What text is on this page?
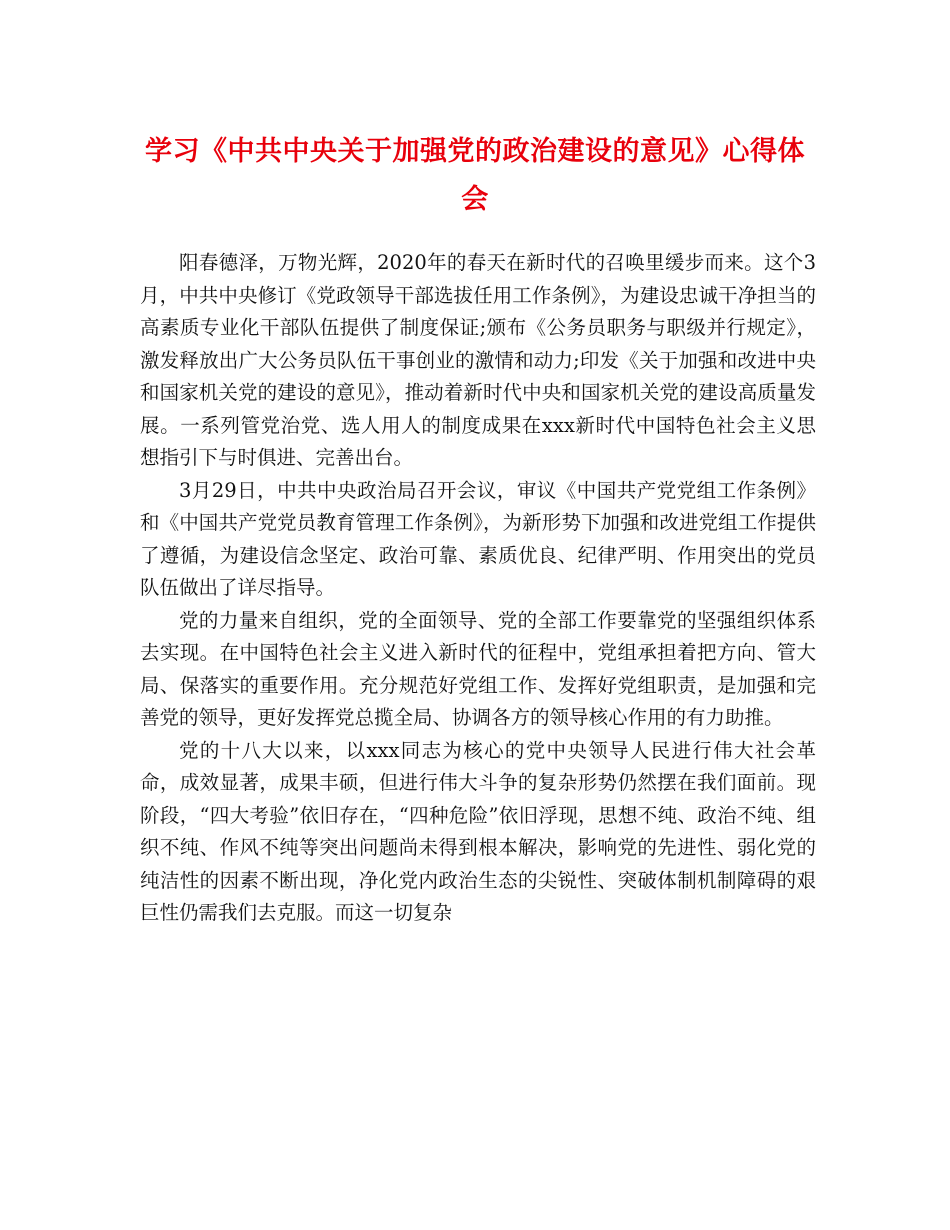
学习《中共中央关于加强党的政治建设的意见》心得体
会

阳春德泽，万物光辉，2020年的春天在新时代的召唤里缓步而来。这个3月，中共中央修订《党政领导干部选拔任用工作条例》，为建设忠诚干净担当的高素质专业化干部队伍提供了制度保证;颁布《公务员职务与职级并行规定》，激发释放出广大公务员队伍干事创业的激情和动力;印发《关于加强和改进中央和国家机关党的建设的意见》，推动着新时代中央和国家机关党的建设高质量发展。一系列管党治党、选人用人的制度成果在xxx新时代中国特色社会主义思想指引下与时俱进、完善出台。

3月29日，中共中央政治局召开会议，审议《中国共产党党组工作条例》和《中国共产党党员教育管理工作条例》，为新形势下加强和改进党组工作提供了遵循，为建设信念坚定、政治可靠、素质优良、纪律严明、作用突出的党员队伍做出了详尽指导。

党的力量来自组织，党的全面领导、党的全部工作要靠党的坚强组织体系去实现。在中国特色社会主义进入新时代的征程中，党组承担着把方向、管大局、保落实的重要作用。充分规范好党组工作、发挥好党组职责，是加强和完善党的领导，更好发挥党总揽全局、协调各方的领导核心作用的有力助推。

党的十八大以来，以xxx同志为核心的党中央领导人民进行伟大社会革命，成效显著，成果丰硕，但进行伟大斗争的复杂形势仍然摆在我们面前。现阶段，“四大考验”依旧存在，“四种危险”依旧浮现，思想不纯、政治不纯、组织不纯、作风不纯等突出问题尚未得到根本解决，影响党的先进性、弱化党的纯洁性的因素不断出现，净化党内政治生态的尖锐性、突破体制机制障碍的艰巨性仍需我们去克服。而这一切复杂
